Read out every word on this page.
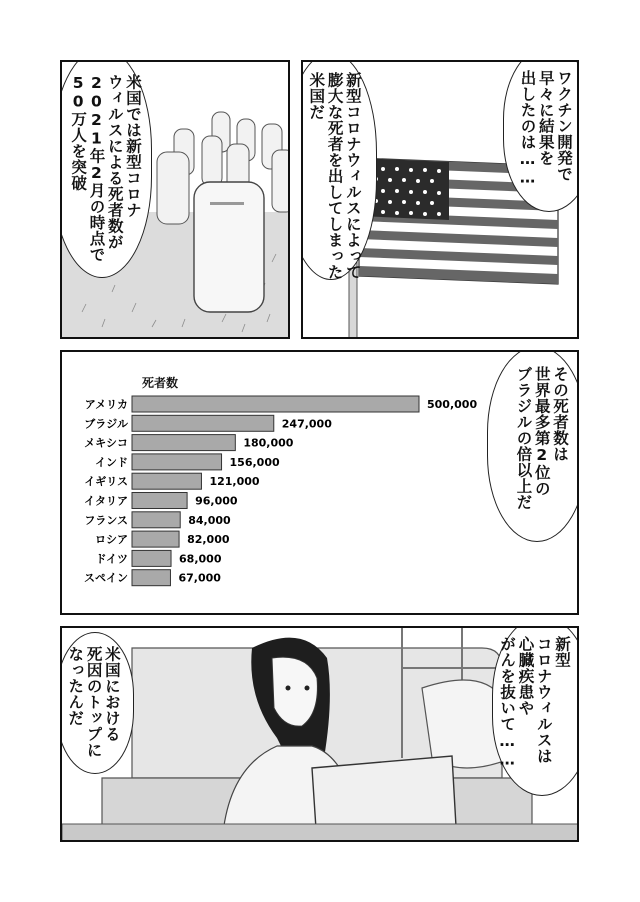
米国では新型コロナ
ウィルスによる死者数が
2021年2月の時点で
50万人を突破	ワクチン開発で
早々に結果を
出したのは……
新型コロナウィルスによって
膨大な死者を出してしまった
米国だ
死者数
アメリカ	500,000
ブラジル	247,000
メキシコ	180,000
インド	156,000
イギリス	121,000
イタリア	96,000
フランス	84,000
ロシア	82,000
ドイツ	68,000
スペイン	67,000
その死者数は
世界最多第2位の
ブラジルの倍以上だ
新型
コロナウィルスは
心臓疾患や
がんを抜いて……
米国における
死因のトップに
なったんだ
